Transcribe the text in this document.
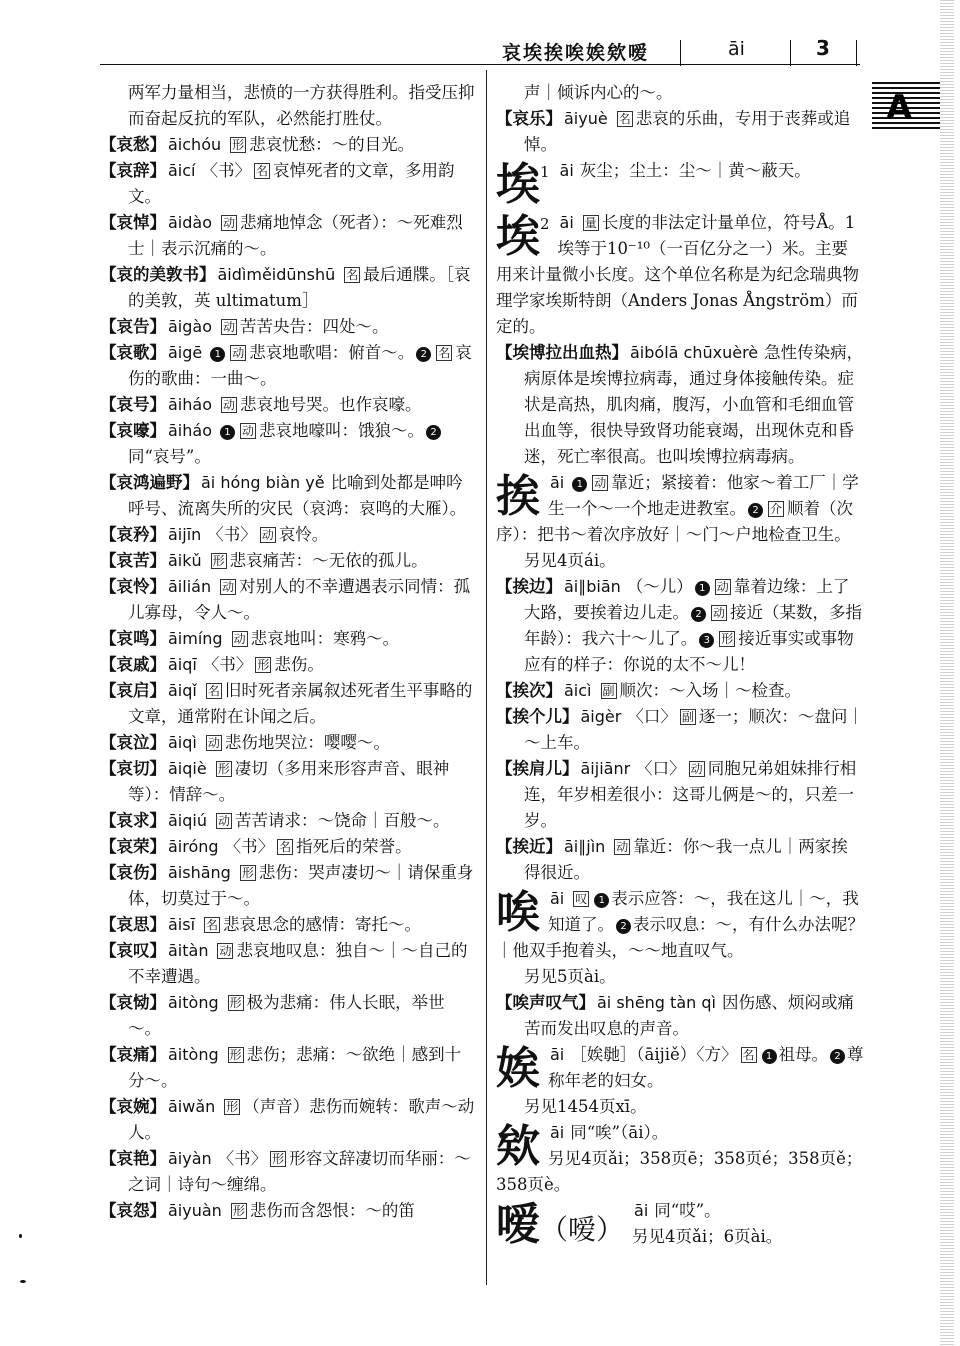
哀埃挨唉娭欸嗳	āi	3
A

两军力量相当，悲愤的一方获得胜利。指受压抑而奋起反抗的军队，必然能打胜仗。

【哀愁】 āichóu 形 悲哀忧愁：～的目光。

【哀辞】 āicí 〈书〉 名 哀悼死者的文章，多用韵文。

【哀悼】 āidào 动 悲痛地悼念（死者）：～死难烈士｜表示沉痛的～。

【哀的美敦书】 āidìměidūnshū 名 最后通牒。［哀的美敦，英 ultimatum］

【哀告】 āigào 动 苦苦央告：四处～。

【哀歌】 āigē 1 动 悲哀地歌唱：俯首～。 2 名 哀伤的歌曲：一曲～。

【哀号】 āiháo 动 悲哀地号哭。也作哀嚎。

【哀嚎】 āiháo 1 动 悲哀地嚎叫：饿狼～。 2同“哀号”。

【哀鸿遍野】 āi hóng biàn yě 比喻到处都是呻吟呼号、流离失所的灾民（哀鸿：哀鸣的大雁）。

【哀矜】 āijīn 〈书〉 动 哀怜。

【哀苦】 āikǔ 形 悲哀痛苦：～无依的孤儿。

【哀怜】 āilián 动 对别人的不幸遭遇表示同情：孤儿寡母，令人～。

【哀鸣】 āimíng 动 悲哀地叫：寒鸦～。

【哀戚】 āiqī 〈书〉 形 悲伤。

【哀启】 āiqǐ 名 旧时死者亲属叙述死者生平事略的文章，通常附在讣闻之后。

【哀泣】 āiqì 动 悲伤地哭泣：嘤嘤～。

【哀切】 āiqiè 形 凄切（多用来形容声音、眼神等）：情辞～。

【哀求】 āiqiú 动 苦苦请求：～饶命｜百般～。

【哀荣】 āiróng 〈书〉 名 指死后的荣誉。

【哀伤】 āishāng 形 悲伤：哭声凄切～｜请保重身体，切莫过于～。

【哀思】 āisī 名 悲哀思念的感情：寄托～。

【哀叹】 āitàn 动 悲哀地叹息：独自～｜～自己的不幸遭遇。

【哀恸】 āitòng 形 极为悲痛：伟人长眠，举世～。

【哀痛】 āitòng 形 悲伤；悲痛：～欲绝｜感到十分～。

【哀婉】 āiwǎn 形 （声音）悲伤而婉转：歌声～动人。

【哀艳】 āiyàn 〈书〉 形 形容文辞凄切而华丽：～之词｜诗句～缠绵。

【哀怨】 āiyuàn 形 悲伤而含怨恨：～的笛

声｜倾诉内心的～。

【哀乐】 āiyuè 名 悲哀的乐曲，专用于丧葬或追悼。

埃$^1$ āi 灰尘；尘土：尘～｜黄～蔽天。
埃$^2$ āi 量 长度的非法定计量单位，符号Å。1埃等于10⁻¹⁰（一百亿分之一）米。主要用来计量微小长度。这个单位名称是为纪念瑞典物理学家埃斯特朗（Anders Jonas Ångström）而定的。

【埃博拉出血热】 āibólā chūxuèrè 急性传染病，病原体是埃博拉病毒，通过身体接触传染。症状是高热，肌肉痛，腹泻，小血管和毛细血管出血等，很快导致肾功能衰竭，出现休克和昏迷，死亡率很高。也叫埃博拉病毒病。

挨 āi 1 动 靠近；紧接着：他家～着工厂｜学生一个～一个地走进教室。 2 介 顺着（次序）：把书～着次序放好｜～门～户地检查卫生。

另见4页ái。

【挨边】 āi∥biān （～儿） 1 动 靠着边缘：上了大路，要挨着边儿走。 2 动 接近（某数，多指年龄）：我六十～儿了。 3 形 接近事实或事物应有的样子：你说的太不～儿！

【挨次】 āicì 副 顺次：～入场｜～检查。

【挨个儿】 āigèr 〈口〉 副 逐一；顺次：～盘问｜～上车。

【挨肩儿】 āijiānr 〈口〉 动 同胞兄弟姐妹排行相连，年岁相差很小：这哥儿俩是～的，只差一岁。

【挨近】 āi∥jìn 动 靠近：你～我一点儿｜两家挨得很近。

唉 āi 叹 1 表示应答：～，我在这儿｜～，我知道了。 2 表示叹息：～，有什么办法呢？｜他双手抱着头，～～地直叹气。

另见5页ài。

【唉声叹气】 āi shēng tàn qì 因伤感、烦闷或痛苦而发出叹息的声音。

娭 āi ［娭毑］（āijiě）〈方〉 名 1 祖母。 2 尊称年老的妇女。

另见1454页xī。

欸 āi 同“唉”（āi）。
另见4页ǎi；358页ē；358页é；358页ě；358页è。
嗳（嗳）
āi 同“哎”。
另见4页ǎi；6页ài。
